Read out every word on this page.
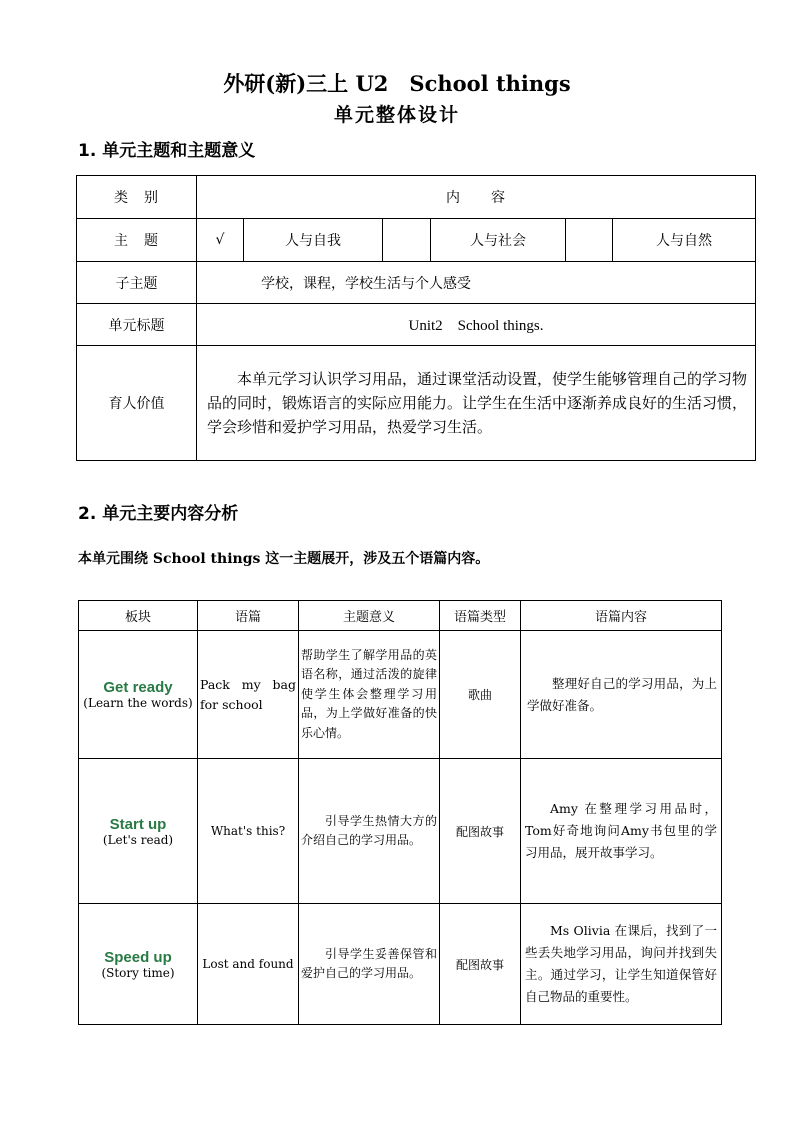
外研(新)三上 U2　School things
单元整体设计
1. 单元主题和主题意义
类　别	内　　容					
主　题	√	人与自我		人与社会		人与自然
子主题	学校，课程，学校生活与个人感受					
单元标题	Unit2　School things.					
育人价值	本单元学习认识学习用品，通过课堂活动设置，使学生能够管理自己的学习物品的同时，锻炼语言的实际应用能力。让学生在生活中逐渐养成良好的生活习惯，学会珍惜和爱护学习用品，热爱学习生活。					
2. 单元主要内容分析
本单元围绕 School things 这一主题展开，涉及五个语篇内容。
板块	语篇	主题意义	语篇类型	语篇内容

Get ready
(Learn the words)	Pack my bag for school	帮助学生了解学用品的英语名称，通过活泼的旋律使学生体会整理学习用品，为上学做好准备的快乐心情。	歌曲	整理好自己的学习用品，为上学做好准备。

Start up
(Let's read)	What's this?	引导学生热情大方的介绍自己的学习用品。	配图故事	Amy 在整理学习用品时，Tom好奇地询问Amy书包里的学习用品，展开故事学习。

Speed up
(Story time)	Lost and found	引导学生妥善保管和爱护自己的学习用品。	配图故事	Ms Olivia 在课后，找到了一些丢失地学习用品，询问并找到失主。通过学习，让学生知道保管好自己物品的重要性。
